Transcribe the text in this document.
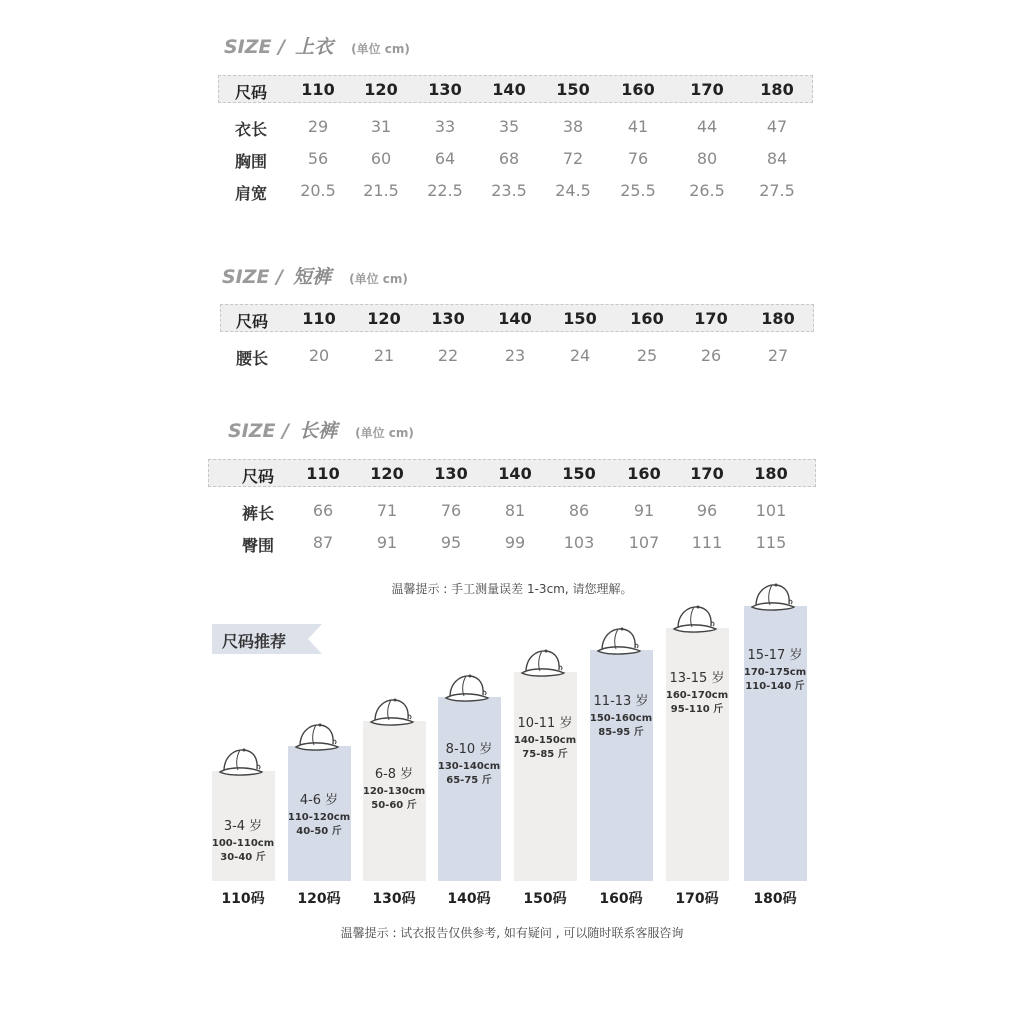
SIZE / 上衣 (单位 cm)
尺码 110 120 130 140 150 160 170 180
衣长	29	31	33	35	38	41	44	47
胸围	56	60	64	68	72	76	80	84
肩宽 20.5 21.5 22.5 23.5 24.5 25.5 26.5 27.5
SIZE / 短裤 (单位 cm)
尺码 110 120 130 140 150 160 170 180
腰长	20	21	22	23	24	25	26	27
SIZE / 长裤 (单位 cm)
尺码 110 120 130 140 150 160 170 180
裤长 66	71	76	81	86	91	96 101
臀围 87	91	95	99 103 107 111 115
温馨提示 : 手工测量误差 1-3cm, 请您理解。
尺码推荐
3-4 岁
100-110cm
30-40 斤
110码
4-6 岁
110-120cm
40-50 斤
120码
6-8 岁
120-130cm
50-60 斤
130码
8-10 岁
130-140cm
65-75 斤
140码
10-11 岁
140-150cm
75-85 斤
150码
11-13 岁
150-160cm
85-95 斤
160码
13-15 岁
160-170cm
95-110 斤
170码
15-17 岁
170-175cm
110-140 斤
180码
温馨提示 : 试衣报告仅供参考, 如有疑问 , 可以随时联系客服咨询
